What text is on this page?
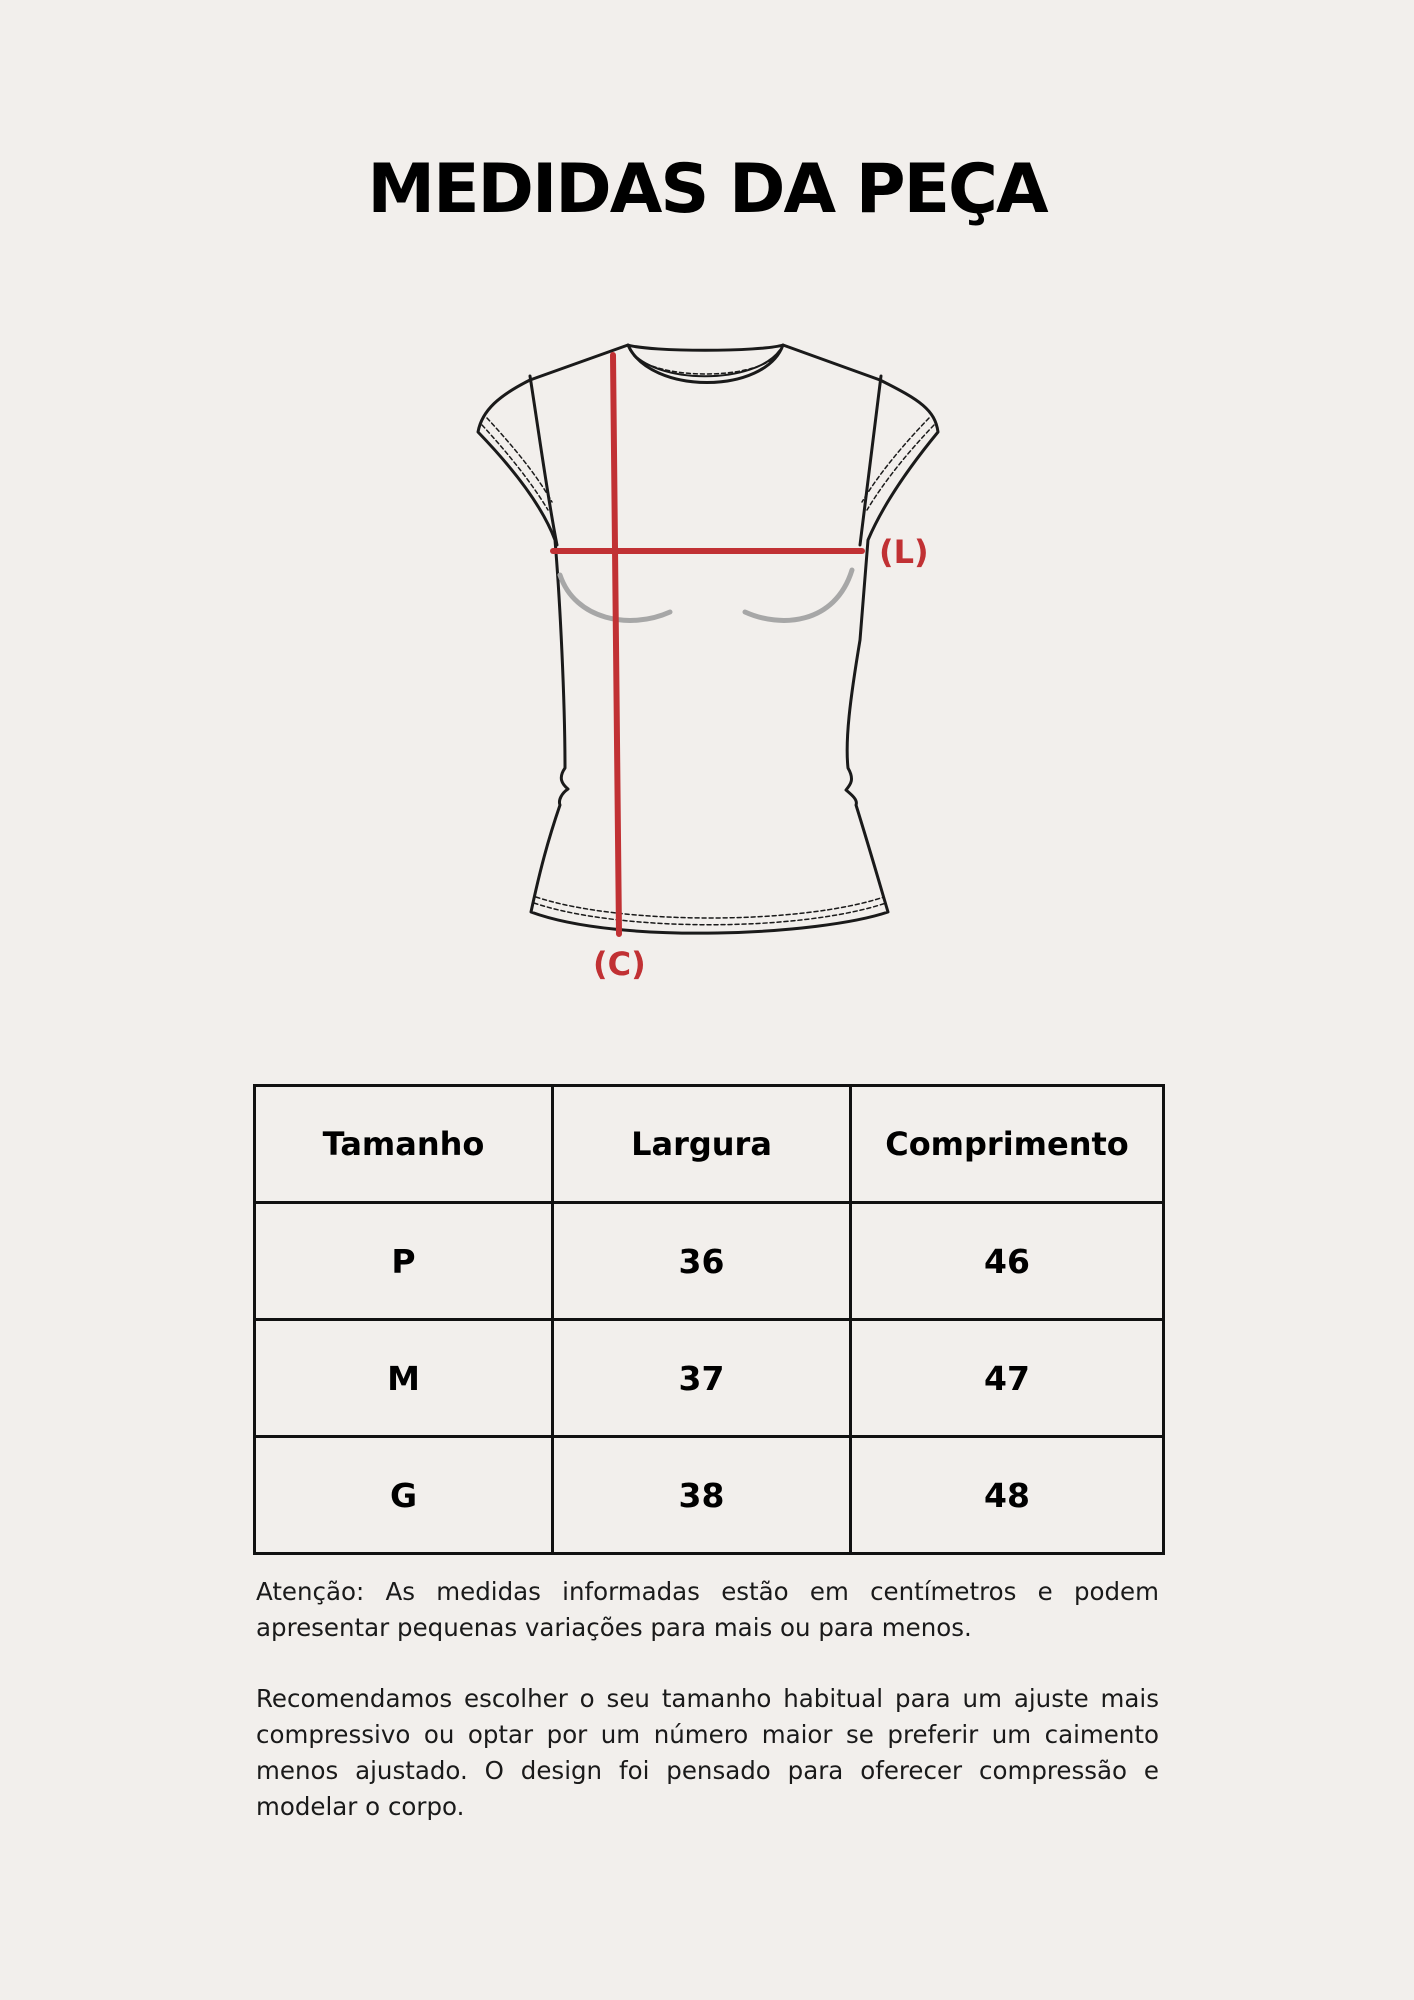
MEDIDAS DA PEÇA
(L)
(C)
Tamanho	Largura	Comprimento
P	36	46
M	37	47
G	38	48

Atenção: As medidas informadas estão em centímetros e podem apresentar pequenas variações para mais ou para menos.

Recomendamos escolher o seu tamanho habitual para um ajuste mais compressivo ou optar por um número maior se preferir um caimento menos ajustado. O design foi pensado para oferecer compressão e modelar o corpo.
